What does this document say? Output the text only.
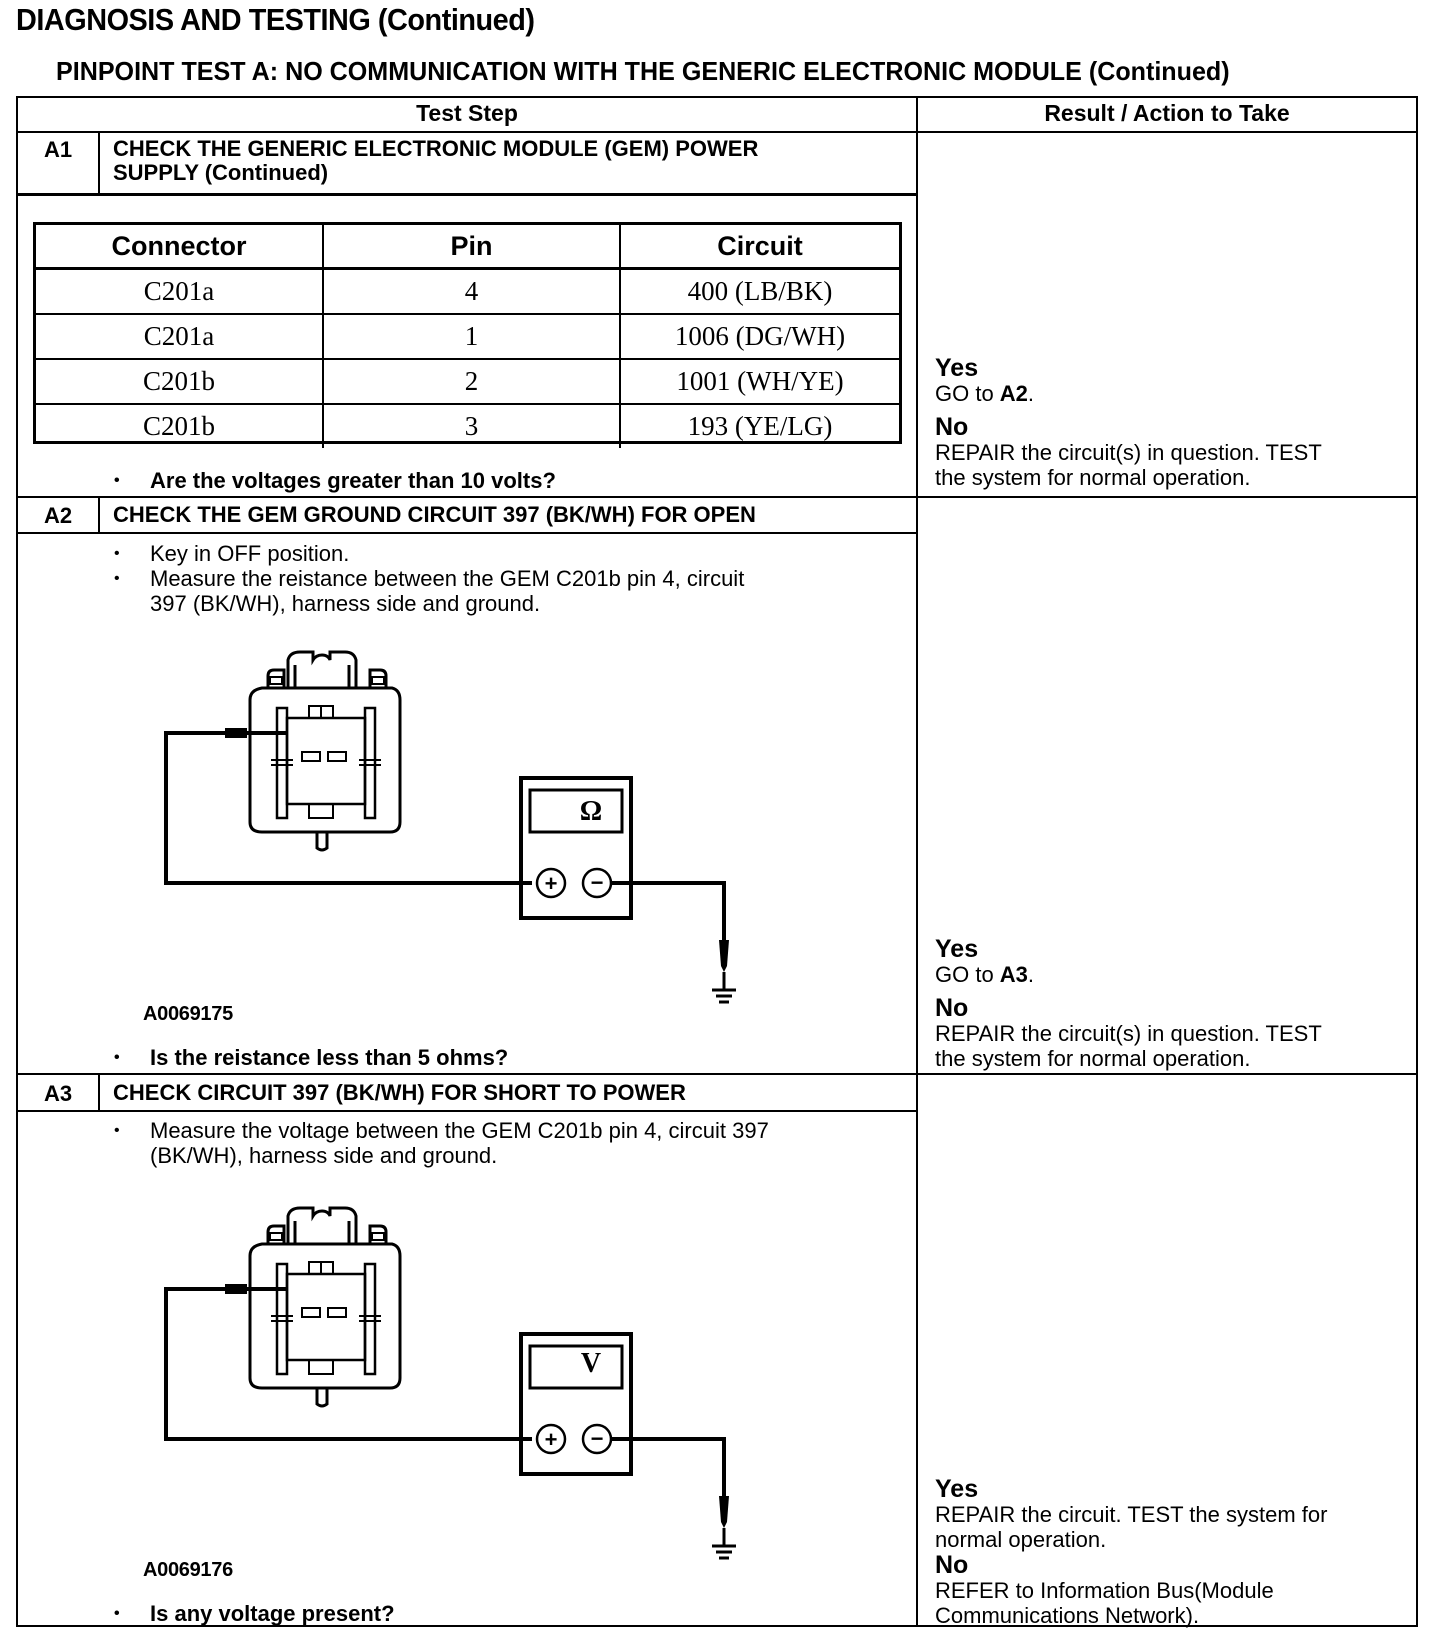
DIAGNOSIS AND TESTING (Continued)
PINPOINT TEST A: NO COMMUNICATION WITH THE GENERIC ELECTRONIC MODULE (Continued)
Test Step	Result / Action to Take
A1	CHECK THE GENERIC ELECTRONIC MODULE (GEM) POWER
SUPPLY (Continued)
Connector	Pin	Circuit
C201a	4	400 (LB/BK)
C201a	1	1006 (DG/WH)
C201b	2	1001 (WH/YE)
C201b	3	193 (YE/LG)
• Are the voltages greater than 10 volts?
Yes
GO to A2.
No
REPAIR the circuit(s) in question. TEST
the system for normal operation.
A2	CHECK THE GEM GROUND CIRCUIT 397 (BK/WH) FOR OPEN
• Key in OFF position.
• Measure the reistance between the GEM C201b pin 4, circuit
397 (BK/WH), harness side and ground.
+ −
+ −
A0069175
Ω
• Is the reistance less than 5 ohms?
Yes
GO to A3.
No
REPAIR the circuit(s) in question. TEST
the system for normal operation.
A3	CHECK CIRCUIT 397 (BK/WH) FOR SHORT TO POWER
• Measure the voltage between the GEM C201b pin 4, circuit 397
(BK/WH), harness side and ground.
A0069176
V
• Is any voltage present?
Yes
REPAIR the circuit. TEST the system for
normal operation.
No
REFER to Information Bus(Module
Communications Network).
